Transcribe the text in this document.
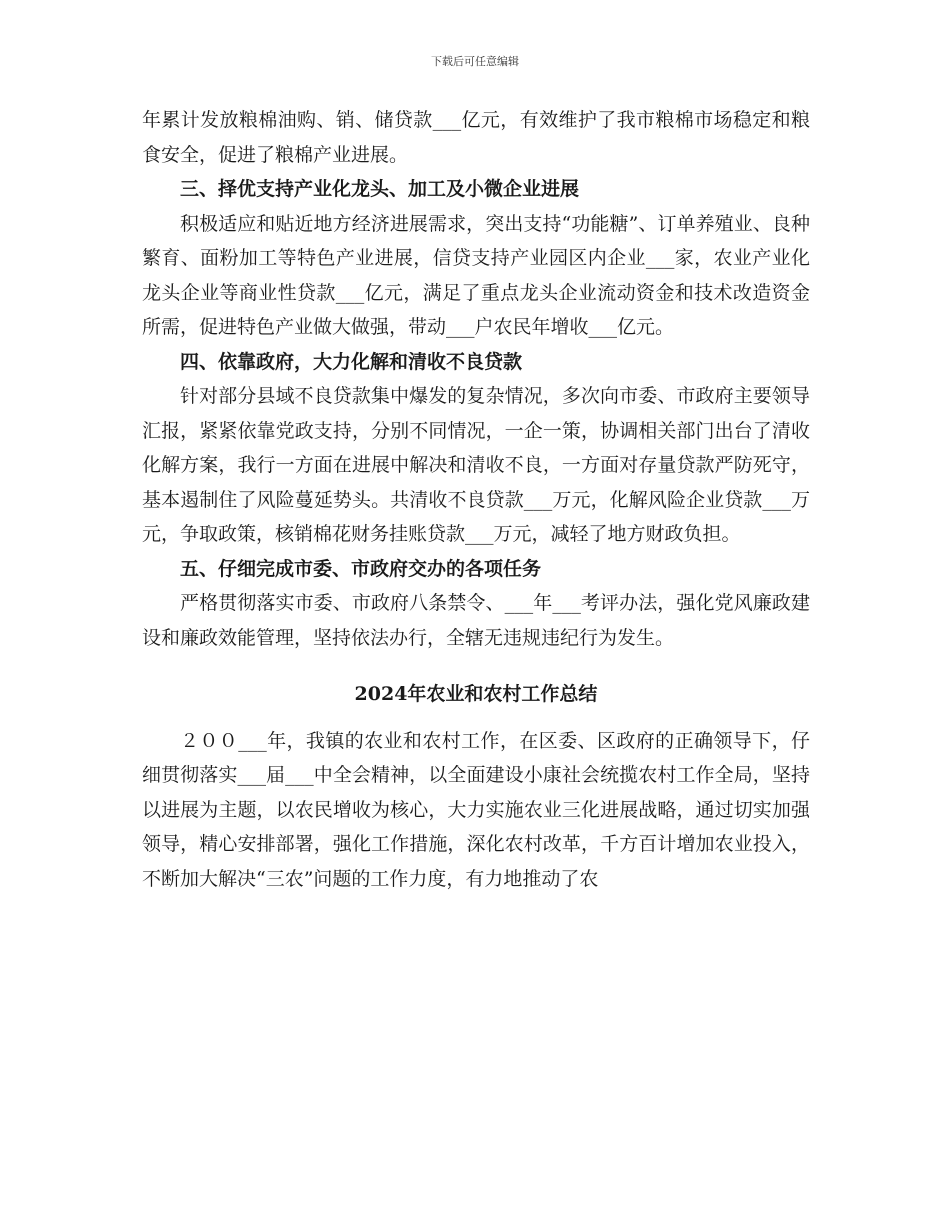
下载后可任意编辑

年累计发放粮棉油购、销、储贷款___亿元，有效维护了我市粮棉市场稳定和粮食安全，促进了粮棉产业进展。

三、择优支持产业化龙头、加工及小微企业进展

积极适应和贴近地方经济进展需求，突出支持“功能糖”、订单养殖业、良种繁育、面粉加工等特色产业进展，信贷支持产业园区内企业___家，农业产业化龙头企业等商业性贷款___亿元，满足了重点龙头企业流动资金和技术改造资金所需，促进特色产业做大做强，带动___户农民年增收___亿元。

四、依靠政府，大力化解和清收不良贷款

针对部分县域不良贷款集中爆发的复杂情况，多次向市委、市政府主要领导汇报，紧紧依靠党政支持，分别不同情况，一企一策，协调相关部门出台了清收化解方案，我行一方面在进展中解决和清收不良，一方面对存量贷款严防死守，基本遏制住了风险蔓延势头。共清收不良贷款___万元，化解风险企业贷款___万元，争取政策，核销棉花财务挂账贷款___万元，减轻了地方财政负担。

五、仔细完成市委、市政府交办的各项任务

严格贯彻落实市委、市政府八条禁令、___年___考评办法，强化党风廉政建设和廉政效能管理，坚持依法办行，全辖无违规违纪行为发生。

2024年农业和农村工作总结

２００___年，我镇的农业和农村工作，在区委、区政府的正确领导下，仔细贯彻落实___届___中全会精神，以全面建设小康社会统揽农村工作全局，坚持以进展为主题，以农民增收为核心，大力实施农业三化进展战略，通过切实加强领导，精心安排部署，强化工作措施，深化农村改革，千方百计增加农业投入，不断加大解决“三农”问题的工作力度，有力地推动了农
